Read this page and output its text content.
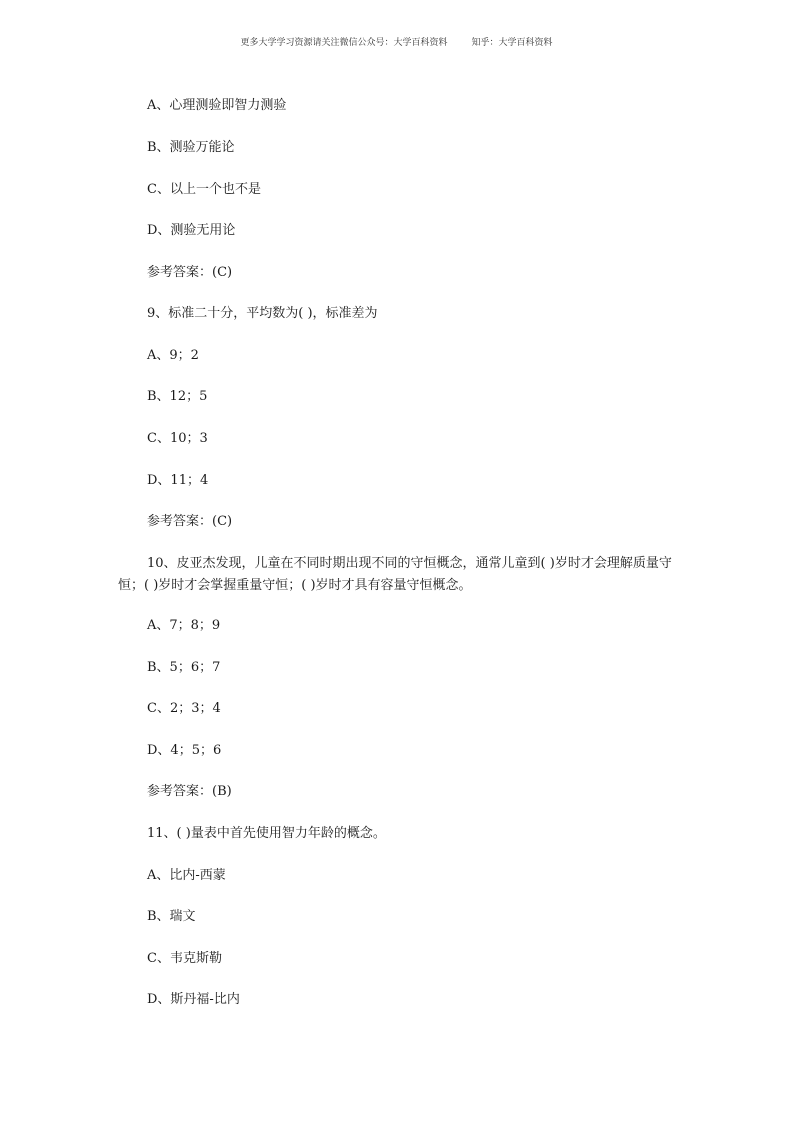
更多大学学习资源请关注微信公众号：大学百科资料	知乎：大学百科资料
A、心理测验即智力测验
B、测验万能论
C、以上一个也不是
D、测验无用论
参考答案：(C)
9、标准二十分，平均数为( )，标准差为
A、9；2
B、12；5
C、10；3
D、11；4
参考答案：(C)
10、皮亚杰发现，儿童在不同时期出现不同的守恒概念，通常儿童到( )岁时才会理解质量守恒；( )岁时才会掌握重量守恒；( )岁时才具有容量守恒概念。
A、7；8；9
B、5；6；7
C、2；3；4
D、4；5；6
参考答案：(B)
11、( )量表中首先使用智力年龄的概念。
A、比内-西蒙
B、瑞文
C、韦克斯勒
D、斯丹福-比内
